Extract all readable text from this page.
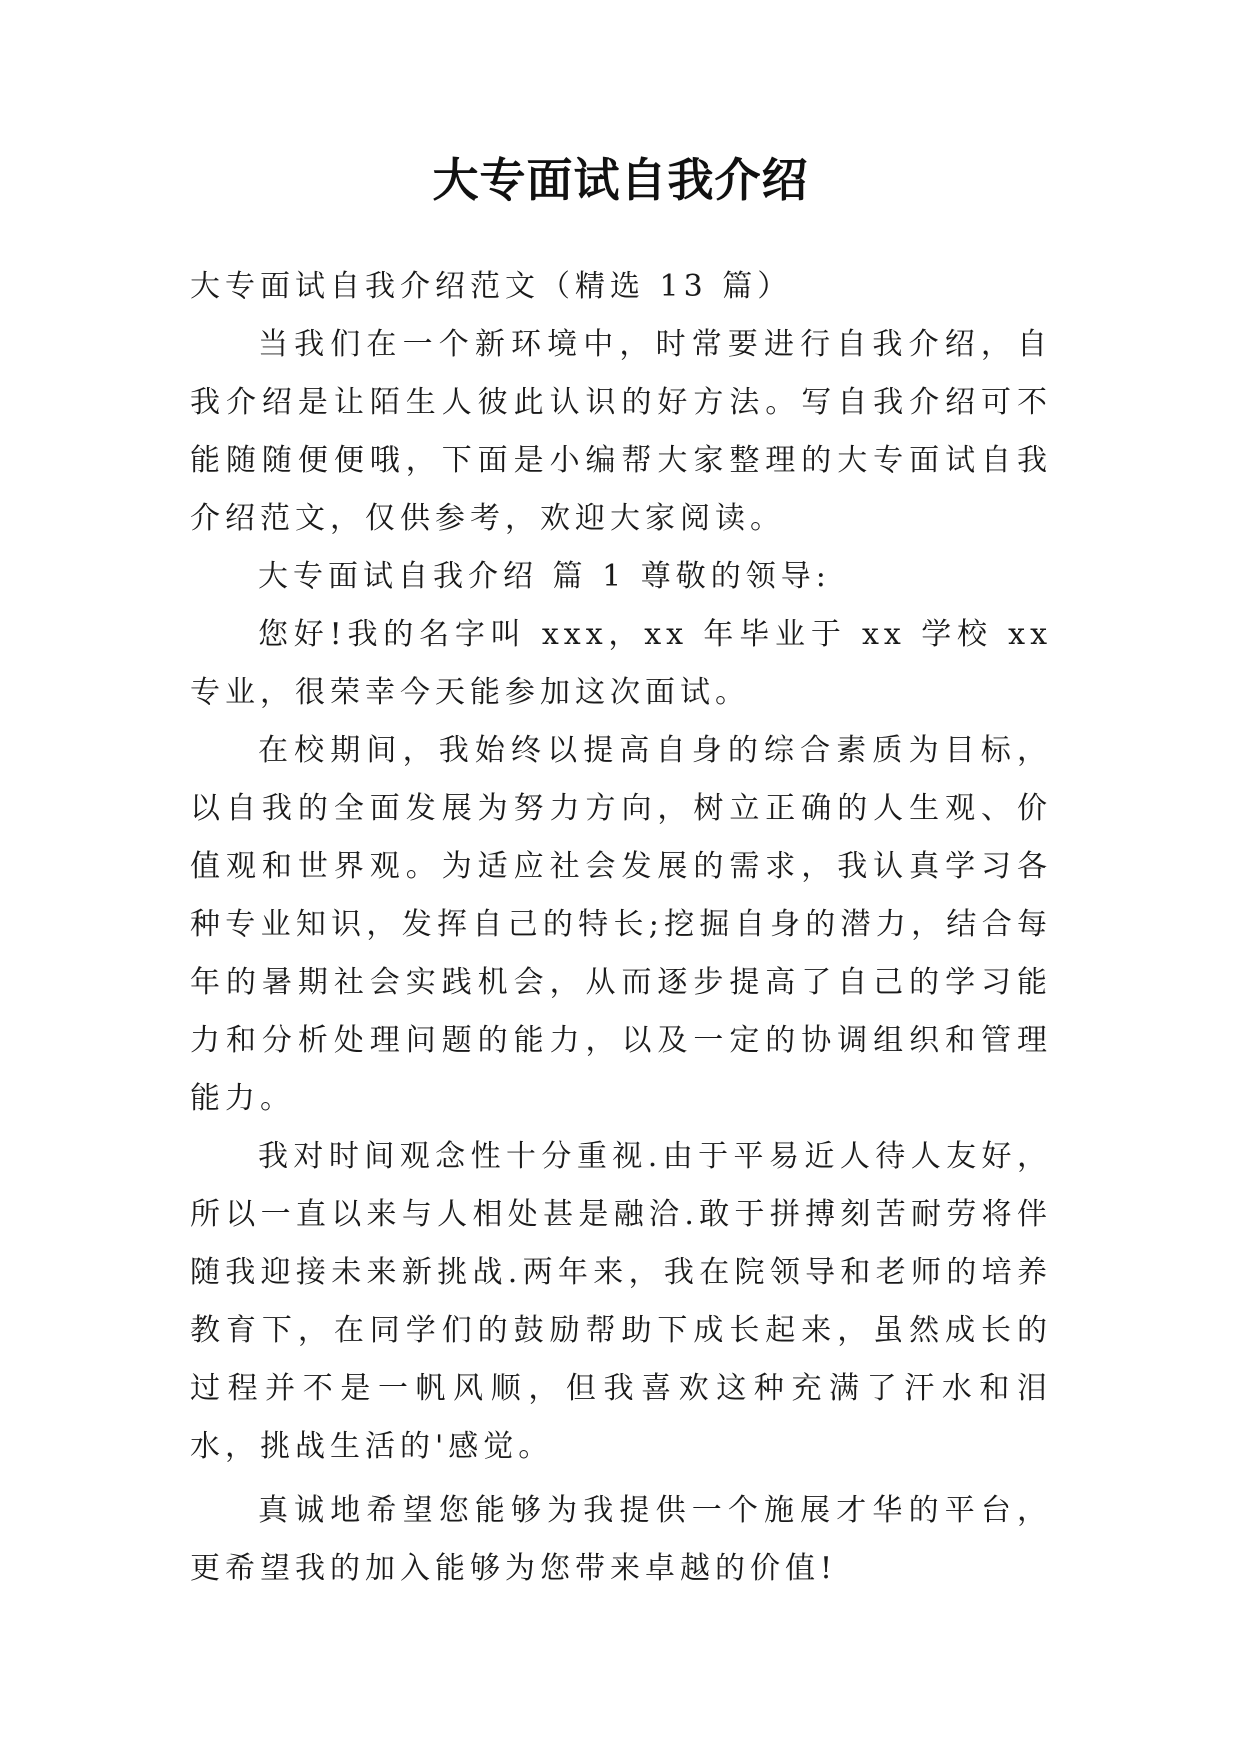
大专面试自我介绍

大专面试自我介绍范文（精选 13 篇）

当我们在一个新环境中，时常要进行自我介绍，自我介绍是让陌生人彼此认识的好方法。写自我介绍可不能随随便便哦，下面是小编帮大家整理的大专面试自我介绍范文，仅供参考，欢迎大家阅读。

大专面试自我介绍 篇 1 尊敬的领导:

您好!我的名字叫 xxx，xx 年毕业于 xx 学校 xx 专业，很荣幸今天能参加这次面试。

在校期间，我始终以提高自身的综合素质为目标，以自我的全面发展为努力方向，树立正确的人生观、价值观和世界观。为适应社会发展的需求，我认真学习各种专业知识，发挥自己的特长;挖掘自身的潜力，结合每年的暑期社会实践机会，从而逐步提高了自己的学习能力和分析处理问题的能力，以及一定的协调组织和管理能力。

我对时间观念性十分重视.由于平易近人待人友好，所以一直以来与人相处甚是融洽.敢于拼搏刻苦耐劳将伴随我迎接未来新挑战.两年来，我在院领导和老师的培养教育下，在同学们的鼓励帮助下成长起来，虽然成长的过程并不是一帆风顺，但我喜欢这种充满了汗水和泪水，挑战生活的'感觉。

真诚地希望您能够为我提供一个施展才华的平台，更希望我的加入能够为您带来卓越的价值!
